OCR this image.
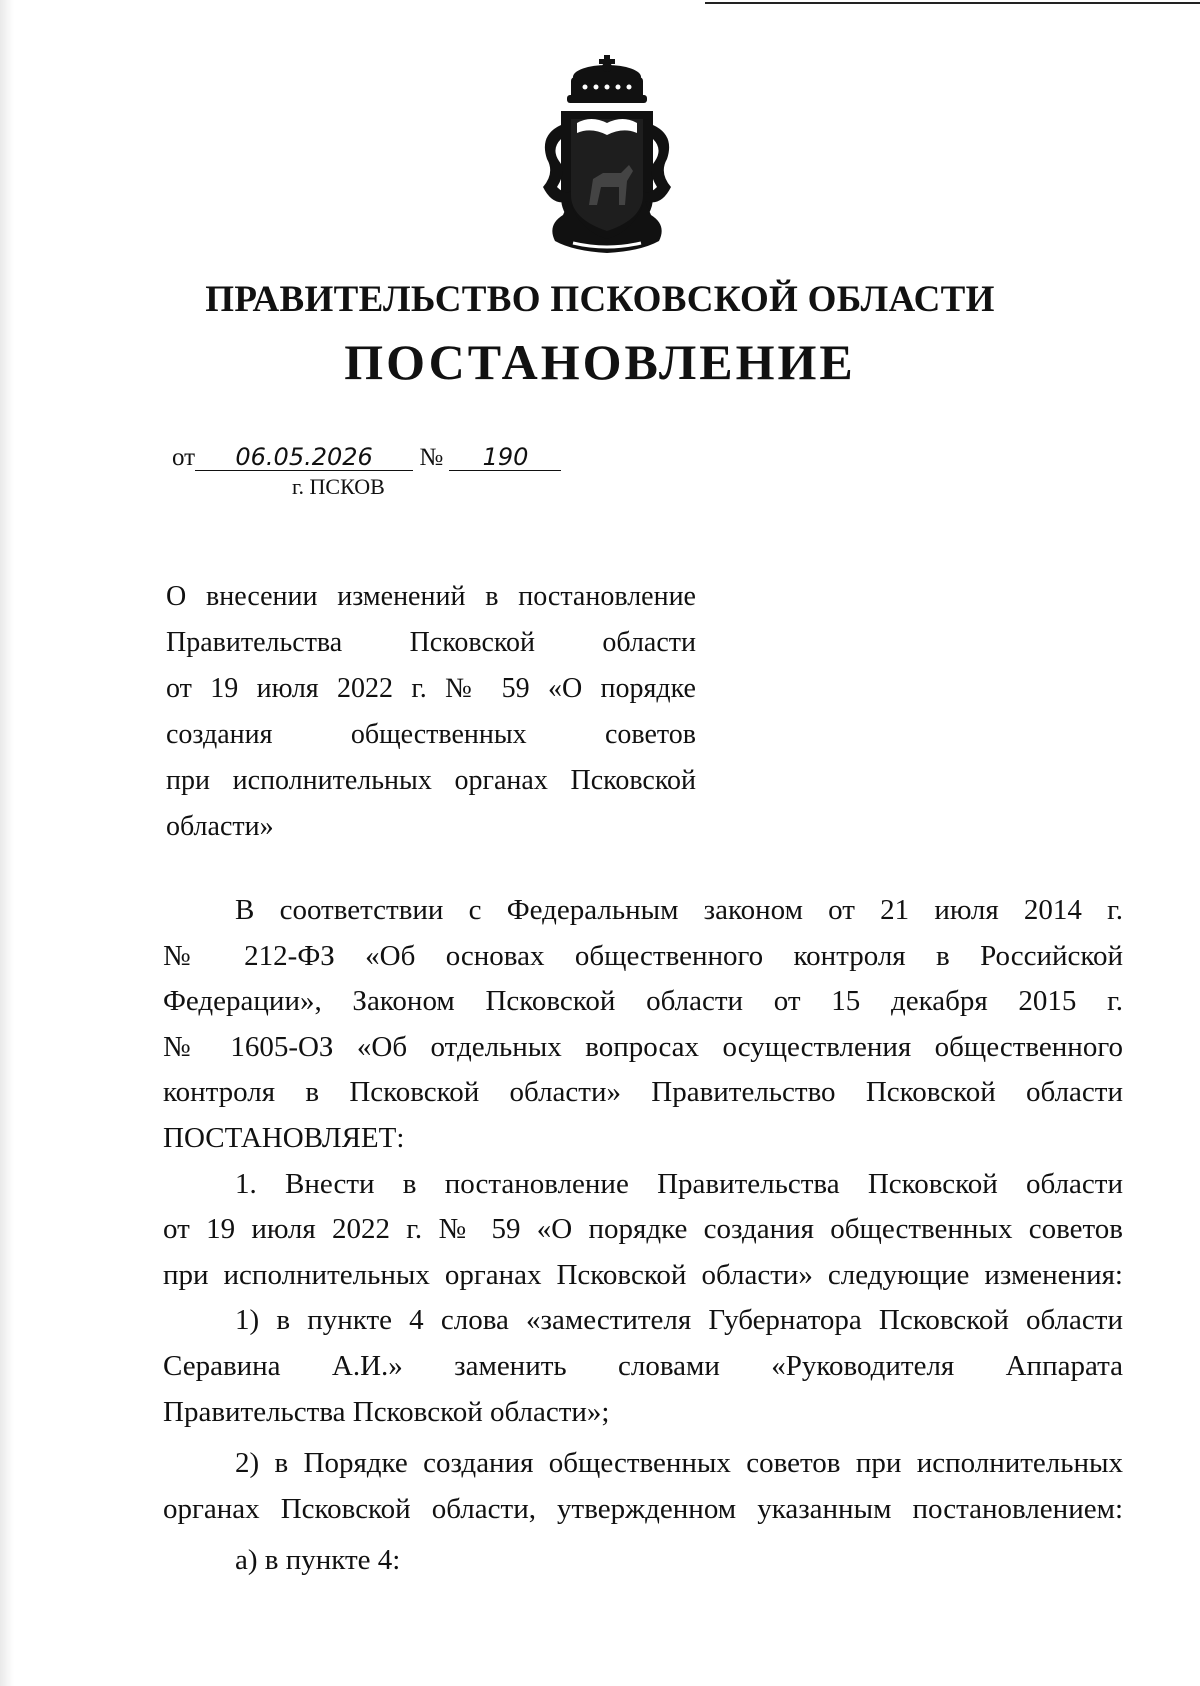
ПРАВИТЕЛЬСТВО ПСКОВСКОЙ ОБЛАСТИ
ПОСТАНОВЛЕНИЕ
от 06.05.2026 № 190
г. ПСКОВ
О внесении изменений в постановление
Правительства Псковской области
от 19 июля 2022 г. № 59 «О порядке
создания общественных советов
при исполнительных органах Псковской
области»
В соответствии с Федеральным законом от 21 июля 2014 г.
№ 212-ФЗ «Об основах общественного контроля в Российской
Федерации», Законом Псковской области от 15 декабря 2015 г.
№ 1605-ОЗ «Об отдельных вопросах осуществления общественного
контроля в Псковской области» Правительство Псковской области
ПОСТАНОВЛЯЕТ:
1. Внести в постановление Правительства Псковской области
от 19 июля 2022 г. № 59 «О порядке создания общественных советов
при исполнительных органах Псковской области» следующие изменения:
1) в пункте 4 слова «заместителя Губернатора Псковской области
Серавина А.И.» заменить словами «Руководителя Аппарата
Правительства Псковской области»;
2) в Порядке создания общественных советов при исполнительных
органах Псковской области, утвержденном указанным постановлением:
а) в пункте 4:
